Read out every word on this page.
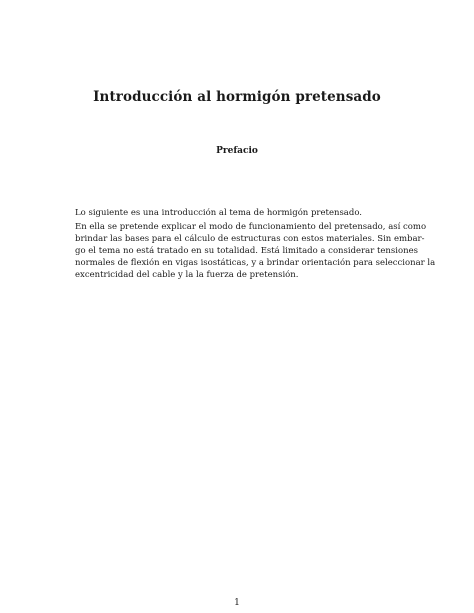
Introducción al hormigón pretensado
Prefacio

Lo siguiente es una introducción al tema de hormigón pretensado.

En ella se pretende explicar el modo de funcionamiento del pretensado, así como
brindar las bases para el cálculo de estructuras con estos materiales. Sin embar-
go el tema no está tratado en su totalidad. Está limitado a considerar tensiones
normales de flexión en vigas isostáticas, y a brindar orientación para seleccionar la
excentricidad del cable y la la fuerza de pretensión.

1
